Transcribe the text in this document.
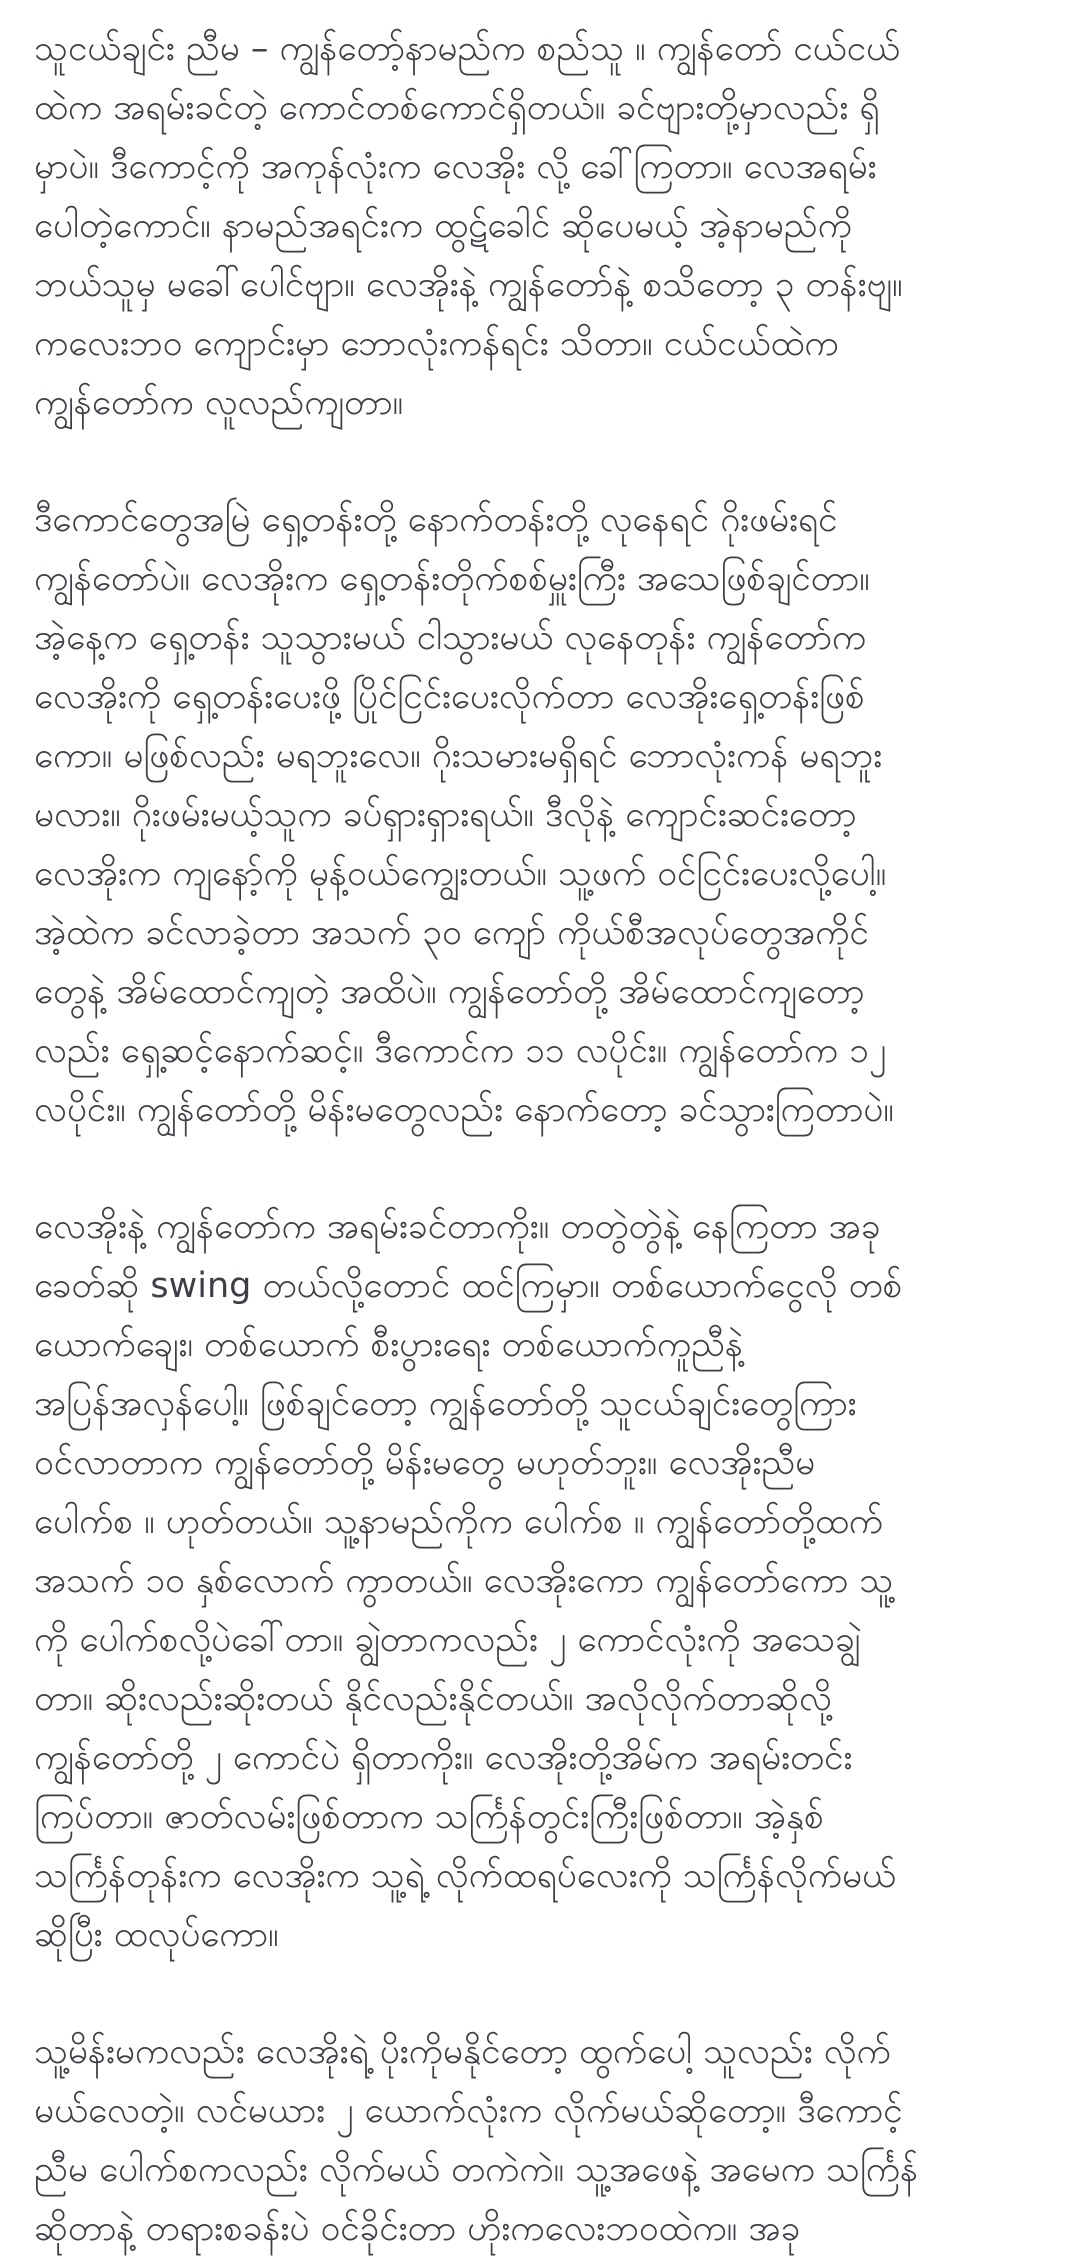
သူငယ်ချင်း ညီမ – ကျွန်တော့်နာမည်က စည်သူ ။ ကျွန်တော် ငယ်ငယ်
ထဲက အရမ်းခင်တဲ့ ကောင်တစ်ကောင်ရှိတယ်။ ခင်ဗျားတို့မှာလည်း ရှိ
မှာပဲ။ ဒီကောင့်ကို အကုန်လုံးက လေအိုး လို့ ခေါ်ကြတာ။ လေအရမ်း
ပေါတဲ့ကောင်။ နာမည်အရင်းက ထွဋ်ခေါင် ဆိုပေမယ့် အဲ့နာမည်ကို
ဘယ်သူမှ မခေါ်ပေါင်ဗျာ။ လေအိုးနဲ့ ကျွန်တော်နဲ့ စသိတော့ ၃ တန်းဗျ။
ကလေးဘဝ ကျောင်းမှာ ဘောလုံးကန်ရင်း သိတာ။ ငယ်ငယ်ထဲက
ကျွန်တော်က လူလည်ကျတာ။
ဒီကောင်တွေအမြဲ ရှေ့တန်းတို့ နောက်တန်းတို့ လုနေရင် ဂိုးဖမ်းရင်
ကျွန်တော်ပဲ။ လေအိုးက ရှေ့တန်းတိုက်စစ်မှူးကြီး အသေဖြစ်ချင်တာ။
အဲ့နေ့က ရှေ့တန်း သူသွားမယ် ငါသွားမယ် လုနေတုန်း ကျွန်တော်က
လေအိုးကို ရှေ့တန်းပေးဖို့ ပြိုင်ငြင်းပေးလိုက်တာ လေအိုးရှေ့တန်းဖြစ်
ကော။ မဖြစ်လည်း မရဘူးလေ။ ဂိုးသမားမရှိရင် ဘောလုံးကန် မရဘူး
မလား။ ဂိုးဖမ်းမယ့်သူက ခပ်ရှားရှားရယ်။ ဒီလိုနဲ့ ကျောင်းဆင်းတော့
လေအိုးက ကျနော့်ကို မုန့်ဝယ်ကျွေးတယ်။ သူ့ဖက် ဝင်ငြင်းပေးလို့ပေါ့။
အဲ့ထဲက ခင်လာခဲ့တာ အသက် ၃၀ ကျော် ကိုယ်စီအလုပ်တွေအကိုင်
တွေနဲ့ အိမ်ထောင်ကျတဲ့ အထိပဲ။ ကျွန်တော်တို့ အိမ်ထောင်ကျတော့
လည်း ရှေ့ဆင့်နောက်ဆင့်။ ဒီကောင်က ၁၁ လပိုင်း။ ကျွန်တော်က ၁၂
လပိုင်း။ ကျွန်တော်တို့ မိန်းမတွေလည်း နောက်တော့ ခင်သွားကြတာပဲ။
လေအိုးနဲ့ ကျွန်တော်က အရမ်းခင်တာကိုး။ တတွဲတွဲနဲ့ နေကြတာ အခု
ခေတ်ဆို swing တယ်လို့တောင် ထင်ကြမှာ။ တစ်ယောက်ငွေလို တစ်
ယောက်ချေး၊ တစ်ယောက် စီးပွားရေး တစ်ယောက်ကူညီနဲ့
အပြန်အလှန်ပေါ့။ ဖြစ်ချင်တော့ ကျွန်တော်တို့ သူငယ်ချင်းတွေကြား
ဝင်လာတာက ကျွန်တော်တို့ မိန်းမတွေ မဟုတ်ဘူး။ လေအိုးညီမ
ပေါက်စ ။ ဟုတ်တယ်။ သူ့နာမည်ကိုက ပေါက်စ ။ ကျွန်တော်တို့ထက်
အသက် ၁၀ နှစ်လောက် ကွာတယ်။ လေအိုးကော ကျွန်တော်ကော သူ့
ကို ပေါက်စလို့ပဲခေါ်တာ။ ချွဲတာကလည်း ၂ ကောင်လုံးကို အသေချွဲ
တာ။ ဆိုးလည်းဆိုးတယ် နိုင်လည်းနိုင်တယ်။ အလိုလိုက်တာဆိုလို့
ကျွန်တော်တို့ ၂ ကောင်ပဲ ရှိတာကိုး။ လေအိုးတို့အိမ်က အရမ်းတင်း
ကြပ်တာ။ ဇာတ်လမ်းဖြစ်တာက သင်္ကြန်တွင်းကြီးဖြစ်တာ။ အဲ့နှစ်
သင်္ကြန်တုန်းက လေအိုးက သူ့ရဲ့ လိုက်ထရပ်လေးကို သင်္ကြန်လိုက်မယ်
ဆိုပြီး ထလုပ်ကော။
သူ့မိန်းမကလည်း လေအိုးရဲ့ ပိုးကိုမနိုင်တော့ ထွက်ပေါ့ သူလည်း လိုက်
မယ်လေတဲ့။ လင်မယား ၂ ယောက်လုံးက လိုက်မယ်ဆိုတော့။ ဒီကောင့်
ညီမ ပေါက်စကလည်း လိုက်မယ် တကဲကဲ။ သူ့အဖေနဲ့ အမေက သင်္ကြန်
ဆိုတာနဲ့ တရားစခန်းပဲ ဝင်ခိုင်းတာ ဟိုးကလေးဘဝထဲက။ အခု
